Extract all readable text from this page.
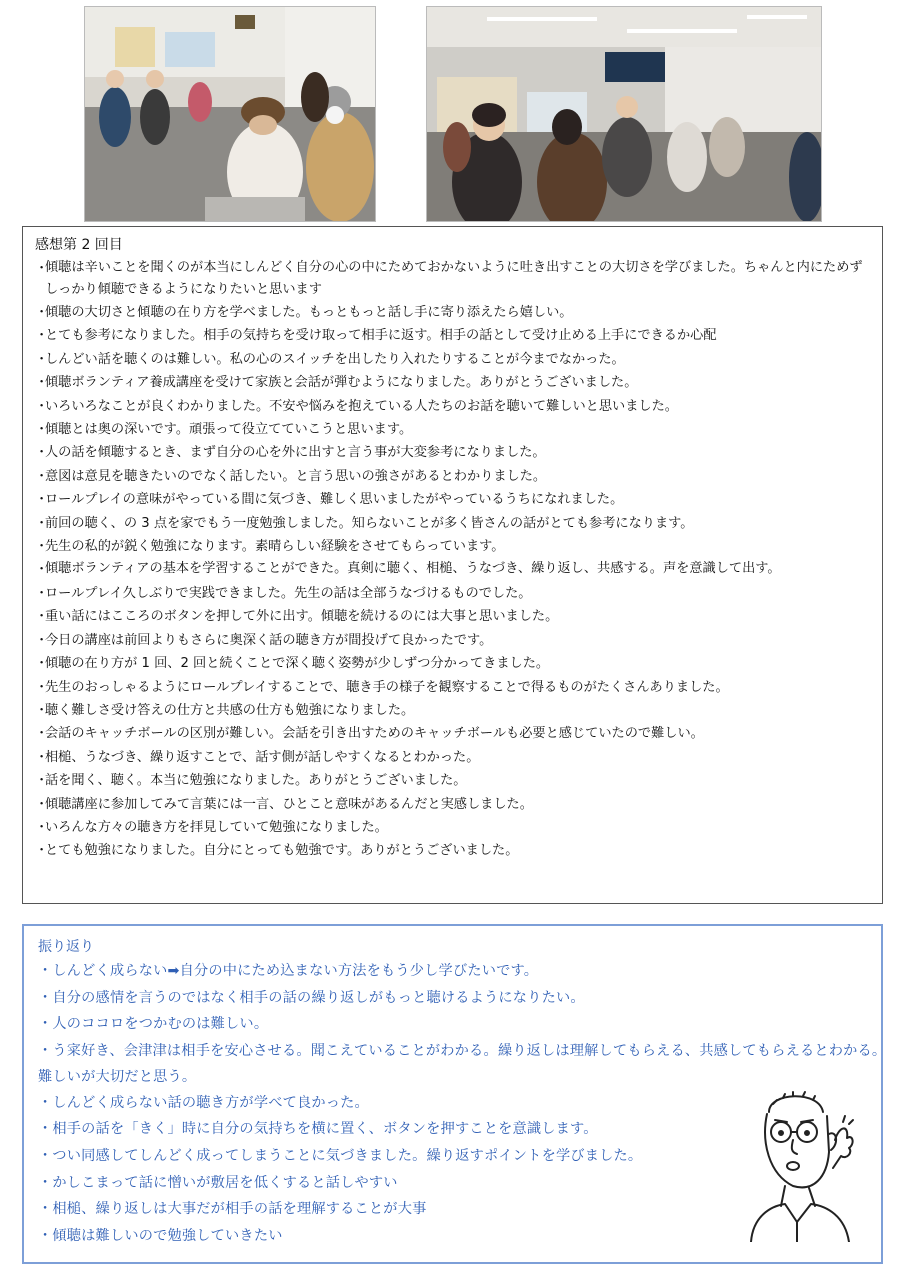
感想第 2 回目
・
傾聴は辛いことを聞くのが本当にしんどく自分の心の中にためておかないように吐き出すことの大切さを学びました。ちゃんと内にためずしっかり傾聴できるようになりたいと思います
・
傾聴の大切さと傾聴の在り方を学べました。もっともっと話し手に寄り添えたら嬉しい。
・
とても参考になりました。相手の気持ちを受け取って相手に返す。相手の話として受け止める上手にできるか心配
・
しんどい話を聴くのは難しい。私の心のスイッチを出したり入れたりすることが今までなかった。
・
傾聴ボランティア養成講座を受けて家族と会話が弾むようになりました。ありがとうございました。
・
いろいろなことが良くわかりました。不安や悩みを抱えている人たちのお話を聴いて難しいと思いました。
・
傾聴とは奥の深いです。頑張って役立てていこうと思います。
・
人の話を傾聴するとき、まず自分の心を外に出すと言う事が大変参考になりました。
・
意図は意見を聴きたいのでなく話したい。と言う思いの強さがあるとわかりました。
・
ロールプレイの意味がやっている間に気づき、難しく思いましたがやっているうちになれました。
・
前回の聴く、の 3 点を家でもう一度勉強しました。知らないことが多く皆さんの話がとても参考になります。
・
先生の私的が鋭く勉強になります。素晴らしい経験をさせてもらっています。
・
傾聴ボランティアの基本を学習することができた。真剣に聴く、相槌、うなづき、繰り返し、共感する。声を意識して出す。
・
ロールプレイ久しぶりで実践できました。先生の話は全部うなづけるものでした。
・
重い話にはこころのボタンを押して外に出す。傾聴を続けるのには大事と思いました。
・
今日の講座は前回よりもさらに奥深く話の聴き方が間投げて良かったです。
・
傾聴の在り方が 1 回、2 回と続くことで深く聴く姿勢が少しずつ分かってきました。
・
先生のおっしゃるようにロールプレイすることで、聴き手の様子を観察することで得るものがたくさんありました。
・
聴く難しさ受け答えの仕方と共感の仕方も勉強になりました。
・
会話のキャッチボールの区別が難しい。会話を引き出すためのキャッチボールも必要と感じていたので難しい。
・
相槌、うなづき、繰り返すことで、話す側が話しやすくなるとわかった。
・
話を聞く、聴く。本当に勉強になりました。ありがとうございました。
・
傾聴講座に参加してみて言葉には一言、ひとこと意味があるんだと実感しました。
・
いろんな方々の聴き方を拝見していて勉強になりました。
・
とても勉強になりました。自分にとっても勉強です。ありがとうございました。
振り返り
・しんどく成らない➡自分の中にため込まない方法をもう少し学びたいです。
・自分の感情を言うのではなく相手の話の繰り返しがもっと聴けるようになりたい。
・人のココロをつかむのは難しい。
・う寀好き、会津津は相手を安心させる。聞こえていることがわかる。繰り返しは理解してもらえる、共感してもらえるとわかる。難しいが大切だと思う。
・しんどく成らない話の聴き方が学べて良かった。
・相手の話を「きく」時に自分の気持ちを横に置く、ボタンを押すことを意識します。
・つい同感してしんどく成ってしまうことに気づきました。繰り返すポイントを学びました。
・かしこまって話に憎いが敷居を低くすると話しやすい
・相槌、繰り返しは大事だが相手の話を理解することが大事
・傾聴は難しいので勉強していきたい
